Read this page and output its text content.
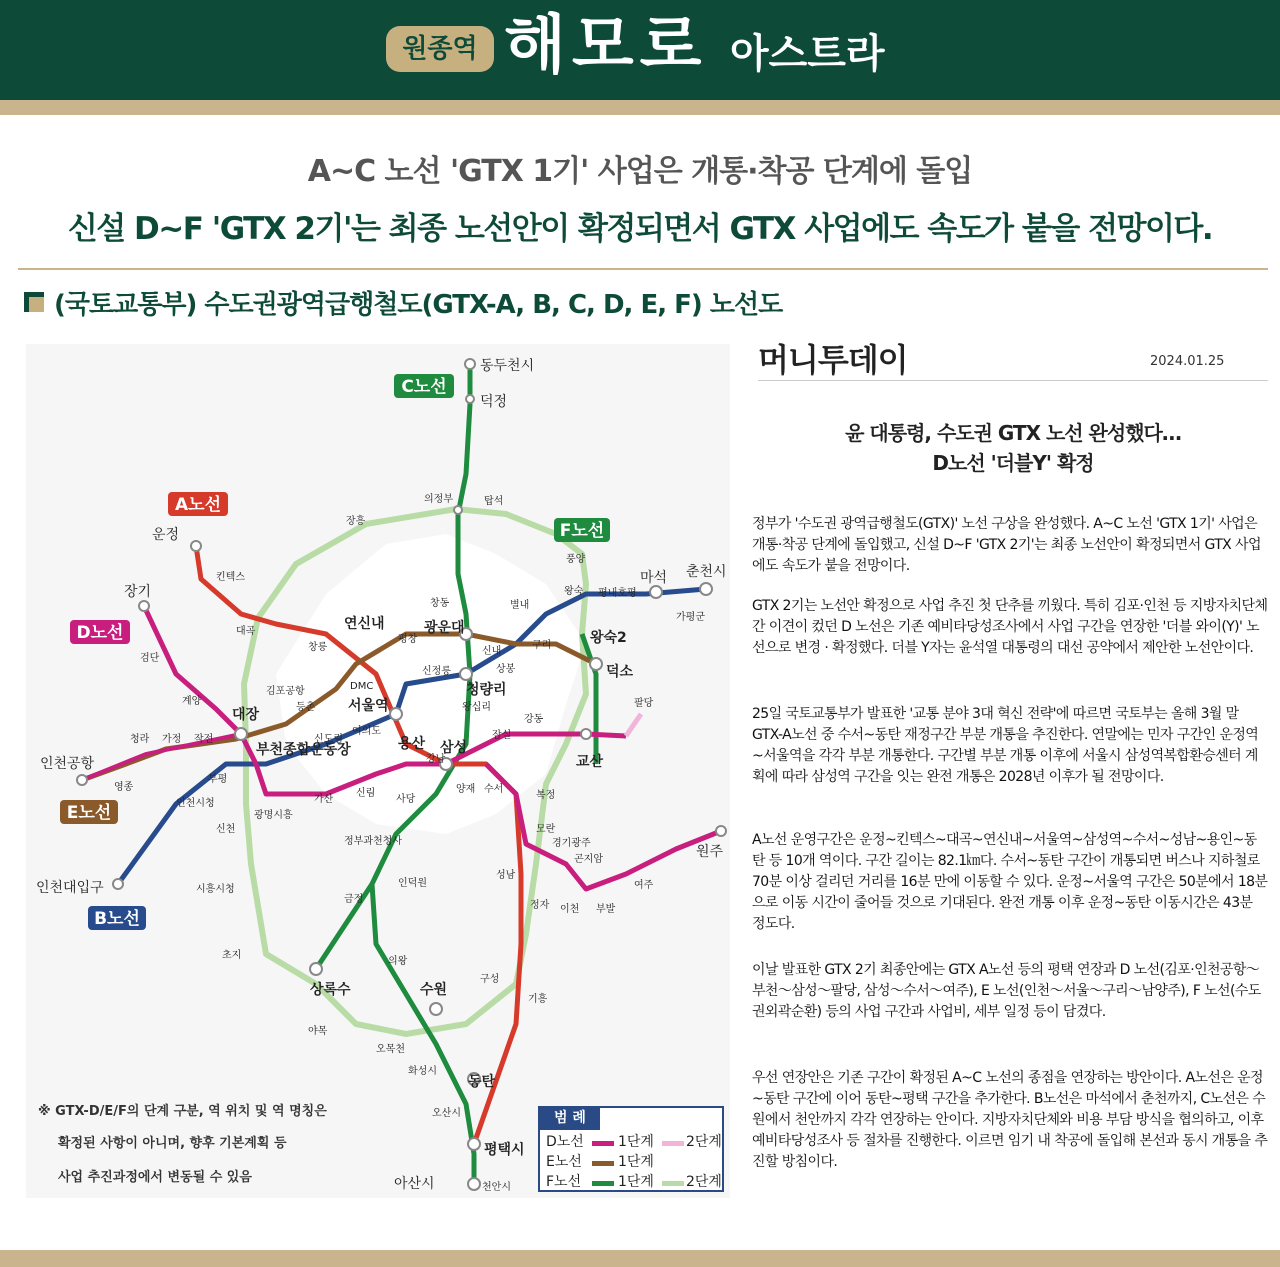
원종역 해모로 아스트라
A~C 노선 'GTX 1기' 사업은 개통·착공 단계에 돌입
신설 D~F 'GTX 2기'는 최종 노선안이 확정되면서 GTX 사업에도 속도가 붙을 전망이다.
(국토교통부) 수도권광역급행철도(GTX-A, B, C, D, E, F) 노선도
C노선
A노선
F노선
D노선
E노선
B노선
동두천시
덕정
의정부	탑석
장흥
풍양
운정
킨텍스
대곡
장기
검단
계양
대장
김포공항
등촌
DMC
창릉
연신내
평창
광운대
창동	별내
왕숙 평내호평
마석 춘천시
가평군
구리	왕숙2
덕소
신내
상봉
신정릉
청량리
왕십리
서울역
여의도
신도림	용산 삼성
강동
잠실
강남
팔당
교산
인천공항
영종
청라 가정 작전
부천종합운동장
부평
인천시청
신천
광명시흥
가산
신림
사당
양재 수서
복정
모란
경기광주
곤지암
여주
원주
이천 부발
성남
정자
정부과천청사
인덕원
금정
의왕
인천대입구	시흥시청
초지
상록수	수원
야목
오목천
구성
기흥
화성시
동탄
오산시
평택시
아산시	천안시
※ GTX-D/E/F의 단계 구분, 역 위치 및 역 명칭은
확정된 사항이 아니며, 향후 기본계획 등
사업 추진과정에서 변동될 수 있음
범 례
D노선 1단계 2단계
E노선	1단계
F노선	1단계 2단계
머니투데이	2024.01.25
윤 대통령, 수도권 GTX 노선 완성했다…
D노선 '더블Y' 확정
정부가 '수도권 광역급행철도(GTX)' 노선 구상을 완성했다. A~C 노선 'GTX 1기' 사업은 개통·착공 단계에 돌입했고, 신설 D~F 'GTX 2기'는 최종 노선안이 확정되면서 GTX 사업에도 속도가 붙을 전망이다.
GTX 2기는 노선안 확정으로 사업 추진 첫 단추를 끼웠다. 특히 김포·인천 등 지방자치단체 간 이견이 컸던 D 노선은 기존 예비타당성조사에서 사업 구간을 연장한 '더블 와이(Y)' 노선으로 변경 · 확정했다. 더블 Y자는 윤석열 대통령의 대선 공약에서 제안한 노선안이다.
25일 국토교통부가 발표한 '교통 분야 3대 혁신 전략'에 따르면 국토부는 올해 3월 말 GTX-A노선 중 수서~동탄 재정구간 부분 개통을 추진한다. 연말에는 민자 구간인 운정역~서울역을 각각 부분 개통한다. 구간별 부분 개통 이후에 서울시 삼성역복합환승센터 계획에 따라 삼성역 구간을 잇는 완전 개통은 2028년 이후가 될 전망이다.
A노선 운영구간은 운정~킨텍스~대곡~연신내~서울역~삼성역~수서~성남~용인~동탄 등 10개 역이다. 구간 길이는 82.1㎞다. 수서~동탄 구간이 개통되면 버스나 지하철로 70분 이상 걸리던 거리를 16분 만에 이동할 수 있다. 운정~서울역 구간은 50분에서 18분으로 이동 시간이 줄어들 것으로 기대된다. 완전 개통 이후 운정~동탄 이동시간은 43분 정도다.
이날 발표한 GTX 2기 최종안에는 GTX A노선 등의 평택 연장과 D 노선(김포·인천공항～부천～삼성～팔당, 삼성～수서～여주), E 노선(인천～서울～구리～남양주), F 노선(수도권외곽순환) 등의 사업 구간과 사업비, 세부 일정 등이 담겼다.
우선 연장안은 기존 구간이 확정된 A~C 노선의 종점을 연장하는 방안이다. A노선은 운정~동탄 구간에 이어 동탄~평택 구간을 추가한다. B노선은 마석에서 춘천까지, C노선은 수원에서 천안까지 각각 연장하는 안이다. 지방자치단체와 비용 부담 방식을 협의하고, 이후 예비타당성조사 등 절차를 진행한다. 이르면 임기 내 착공에 돌입해 본선과 동시 개통을 추진할 방침이다.
